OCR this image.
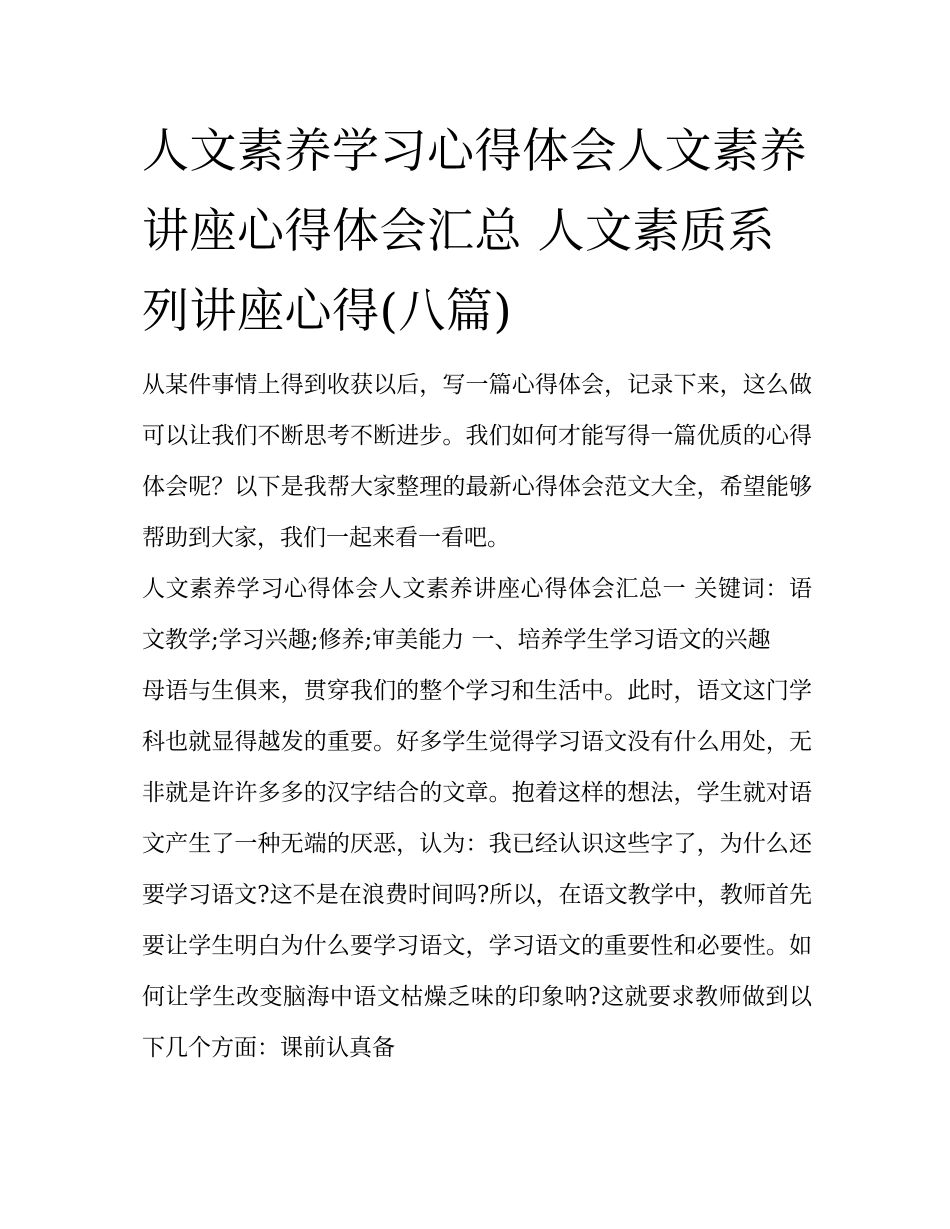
人文素养学习心得体会人文素养讲座心得体会汇总 人文素质系列讲座心得(八篇)

从某件事情上得到收获以后，写一篇心得体会，记录下来，这么做可以让我们不断思考不断进步。我们如何才能写得一篇优质的心得体会呢？以下是我帮大家整理的最新心得体会范文大全，希望能够帮助到大家，我们一起来看一看吧。

人文素养学习心得体会人文素养讲座心得体会汇总一 关键词：语文教学;学习兴趣;修养;审美能力 一、培养学生学习语文的兴趣

母语与生俱来，贯穿我们的整个学习和生活中。此时，语文这门学科也就显得越发的重要。好多学生觉得学习语文没有什么用处，无非就是许许多多的汉字结合的文章。抱着这样的想法，学生就对语文产生了一种无端的厌恶，认为：我已经认识这些字了，为什么还要学习语文?这不是在浪费时间吗?所以，在语文教学中，教师首先要让学生明白为什么要学习语文，学习语文的重要性和必要性。如何让学生改变脑海中语文枯燥乏味的印象呐?这就要求教师做到以下几个方面：课前认真备
